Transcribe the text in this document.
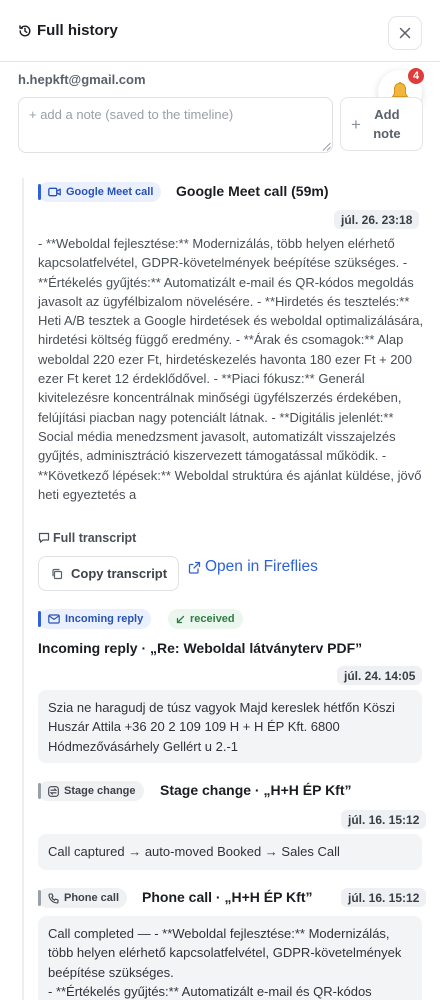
Full history
h.hepkft@gmail.com	4
+ add a note (saved to the timeline)
+	Add note
Google Meet call Google Meet call (59m)
júl. 26. 23:18
- **Weboldal fejlesztése:** Modernizálás, több helyen elérhető kapcsolatfelvétel, GDPR-követelmények beépítése szükséges. - **Értékelés gyűjtés:** Automatizált e-mail és QR-kódos megoldás javasolt az ügyfélbizalom növelésére. - **Hirdetés és tesztelés:** Heti A/B tesztek a Google hirdetések és weboldal optimalizálására, hirdetési költség függő eredmény. - **Árak és csomagok:** Alap weboldal 220 ezer Ft, hirdetéskezelés havonta 180 ezer Ft + 200 ezer Ft keret 12 érdeklődővel. - **Piaci fókusz:** Generál kivitelezésre koncentrálnak minőségi ügyfélszerzés érdekében, felújítási piacban nagy potenciált látnak. - **Digitális jelenlét:** Social média menedzsment javasolt, automatizált visszajelzés gyűjtés, adminisztráció kiszervezett támogatással működik. - **Következő lépések:** Weboldal struktúra és ajánlat küldése, jövő heti egyeztetés a
Full transcript
Copy transcript Open in Fireflies
Incoming reply	received
Incoming reply · „Re: Weboldal látványterv PDF”
júl. 24. 14:05
Szia ne haragudj de túsz vagyok Majd kereslek hétfőn Köszi Huszár Attila +36 20 2 109 109 H + H ÉP Kft. 6800 Hódmezővásárhely Gellért u 2.-1
Stage change Stage change · „H+H ÉP Kft”
júl. 16. 15:12
Call captured → auto-moved Booked → Sales Call
Phone call Phone call · „H+H ÉP Kft”	júl. 16. 15:12
Call completed — - **Weboldal fejlesztése:** Modernizálás, több helyen elérhető kapcsolatfelvétel, GDPR-követelmények beépítése szükséges.
- **Értékelés gyűjtés:** Automatizált e-mail és QR-kódos
